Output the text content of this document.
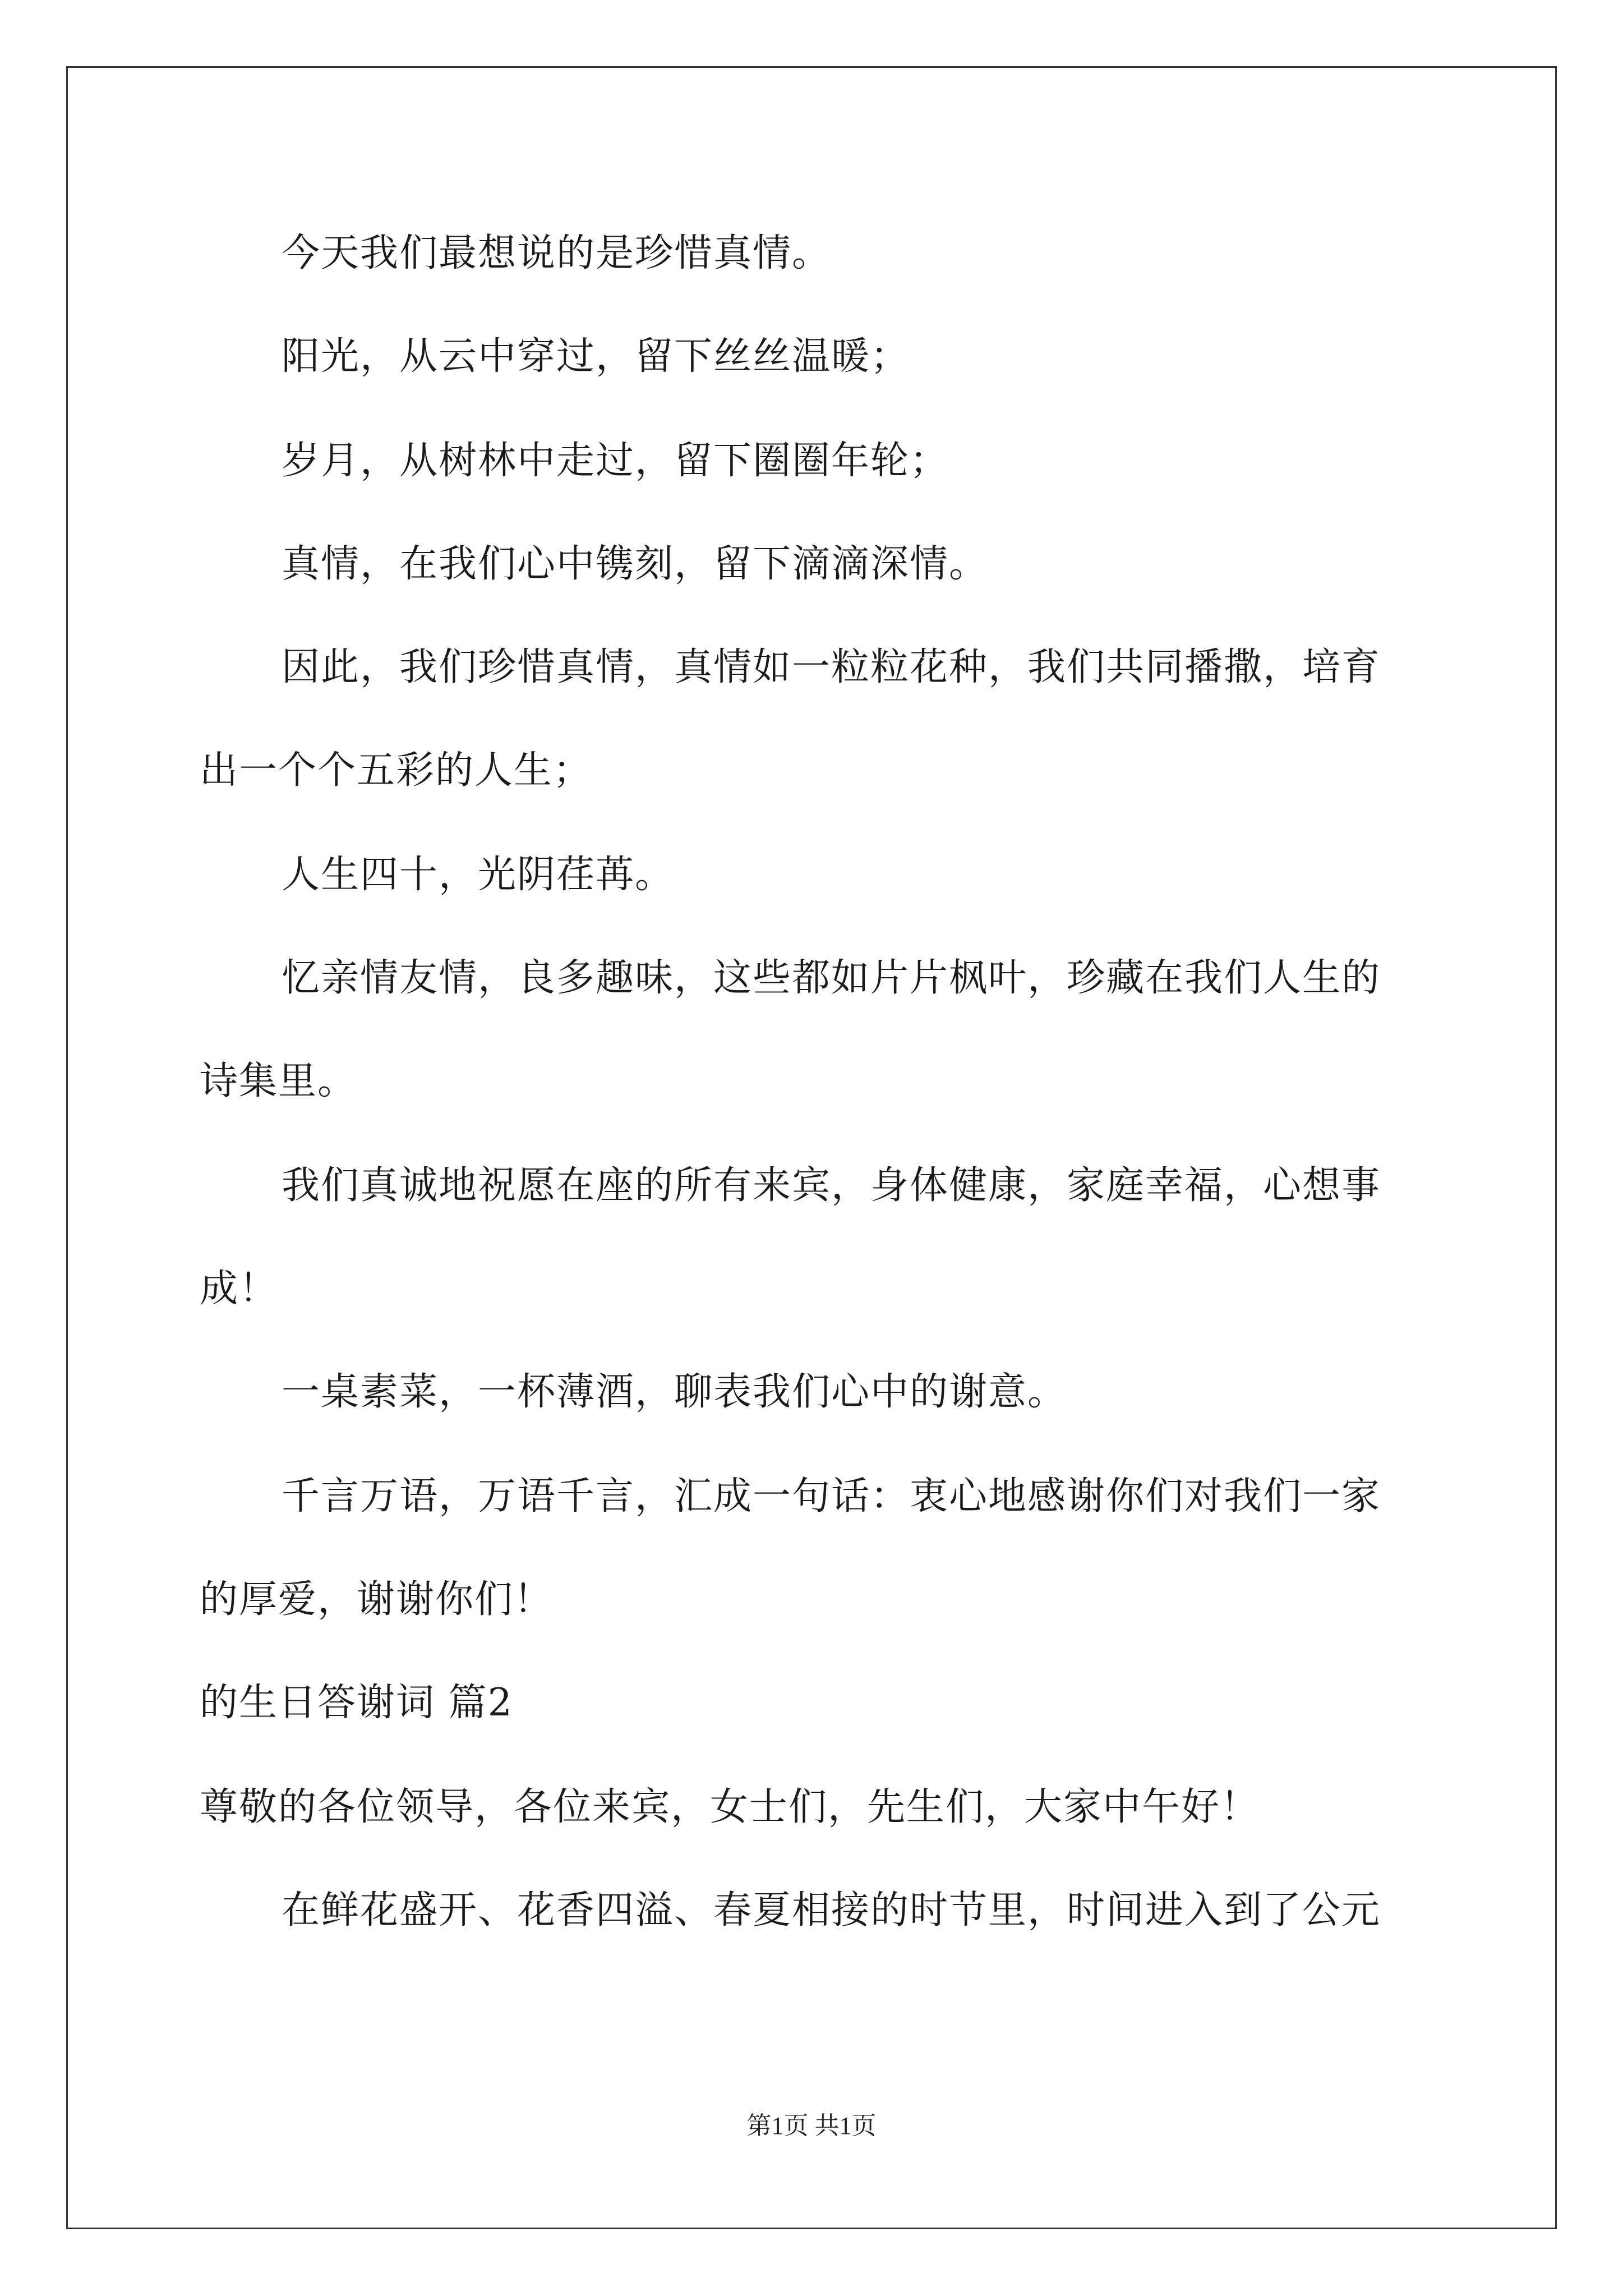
今天我们最想说的是珍惜真情。
阳光，从云中穿过，留下丝丝温暖；
岁月，从树林中走过，留下圈圈年轮；
真情，在我们心中镌刻，留下滴滴深情。
因此，我们珍惜真情，真情如一粒粒花种，我们共同播撒，培育
出一个个五彩的人生；
人生四十，光阴荏苒。
忆亲情友情，良多趣味，这些都如片片枫叶，珍藏在我们人生的
诗集里。
我们真诚地祝愿在座的所有来宾，身体健康，家庭幸福，心想事
成！
一桌素菜，一杯薄酒，聊表我们心中的谢意。
千言万语，万语千言，汇成一句话：衷心地感谢你们对我们一家
的厚爱，谢谢你们！
的生日答谢词 篇2
尊敬的各位领导，各位来宾，女士们，先生们，大家中午好！
在鲜花盛开、花香四溢、春夏相接的时节里，时间进入到了公元
第1页 共1页
